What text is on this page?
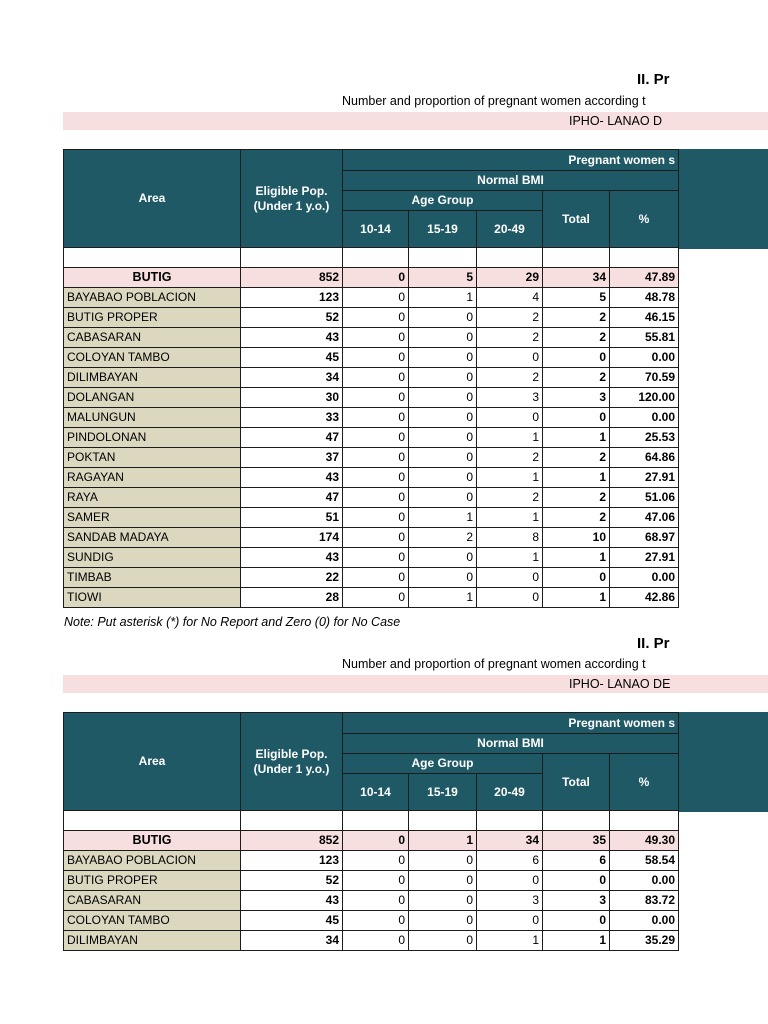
II. Pr
Number and proportion of pregnant women according t
IPHO- LANAO D
Area	Eligible Pop.
(Under 1 y.o.)	Pregnant women s				
		Normal BMI				
		Age Group			Total	%
		10-14	15-19	20-49		

BUTIG	852	0	5	29	34	47.89
BAYABAO POBLACION	123	0	1	4	5	48.78
BUTIG PROPER	52	0	0	2	2	46.15
CABASARAN	43	0	0	2	2	55.81
COLOYAN TAMBO	45	0	0	0	0	0.00
DILIMBAYAN	34	0	0	2	2	70.59
DOLANGAN	30	0	0	3	3	120.00
MALUNGUN	33	0	0	0	0	0.00
PINDOLONAN	47	0	0	1	1	25.53
POKTAN	37	0	0	2	2	64.86
RAGAYAN	43	0	0	1	1	27.91
RAYA	47	0	0	2	2	51.06
SAMER	51	0	1	1	2	47.06
SANDAB MADAYA	174	0	2	8	10	68.97
SUNDIG	43	0	0	1	1	27.91
TIMBAB	22	0	0	0	0	0.00
TIOWI	28	0	1	0	1	42.86
Note: Put asterisk (*) for No Report and Zero (0) for No Case
II. Pr
Number and proportion of pregnant women according t
IPHO- LANAO DE
Area	Eligible Pop.
(Under 1 y.o.)	Pregnant women s				
		Normal BMI				
		Age Group			Total	%
		10-14	15-19	20-49		

BUTIG	852	0	1	34	35	49.30
BAYABAO POBLACION	123	0	0	6	6	58.54
BUTIG PROPER	52	0	0	0	0	0.00
CABASARAN	43	0	0	3	3	83.72
COLOYAN TAMBO	45	0	0	0	0	0.00
DILIMBAYAN	34	0	0	1	1	35.29
